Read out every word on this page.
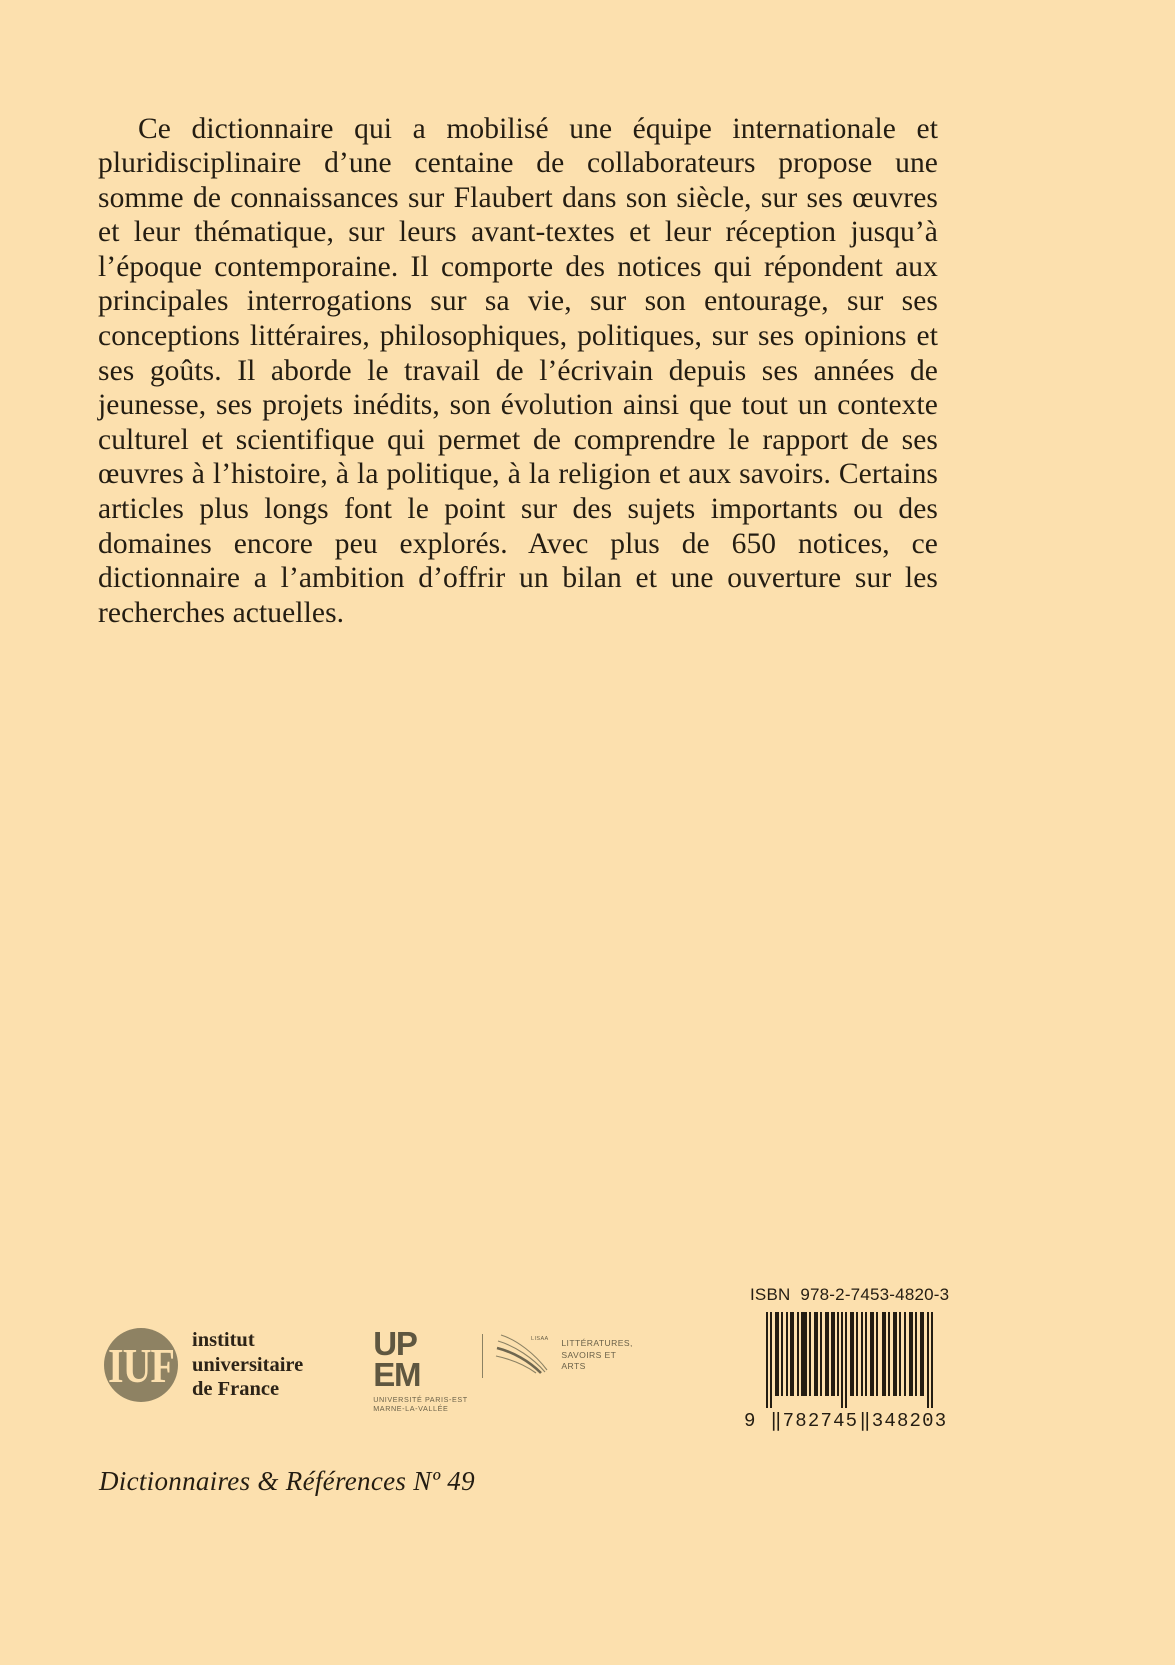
Ce dictionnaire qui a mobilisé une équipe internationale et pluridisciplinaire d’une centaine de collaborateurs propose une somme de connaissances sur Flaubert dans son siècle, sur ses œuvres et leur thématique, sur leurs avant-textes et leur réception jusqu’à l’époque contemporaine. Il comporte des notices qui répondent aux principales interrogations sur sa vie, sur son entourage, sur ses conceptions littéraires, philosophiques, politiques, sur ses opinions et ses goûts. Il aborde le travail de l’écrivain depuis ses années de jeunesse, ses projets inédits, son évolution ainsi que tout un contexte culturel et scientifique qui permet de comprendre le rapport de ses œuvres à l’histoire, à la politique, à la religion et aux savoirs. Certains articles plus longs font le point sur des sujets importants ou des domaines encore peu explorés. Avec plus de 650 notices, ce dictionnaire a l’ambition d’offrir un bilan et une ouverture sur les recherches actuelles.

IUF institut
universitaire
de France
UP
EM
UNIVERSITÉ PARIS-EST
MARNE-LA-VALLÉE
LISAA LITTÉRATURES,
SAVOIRS ET
ARTS
Dictionnaires & Références Nº 49
ISBN 978-2-7453-4820-3
9 ‖782745‖348203
